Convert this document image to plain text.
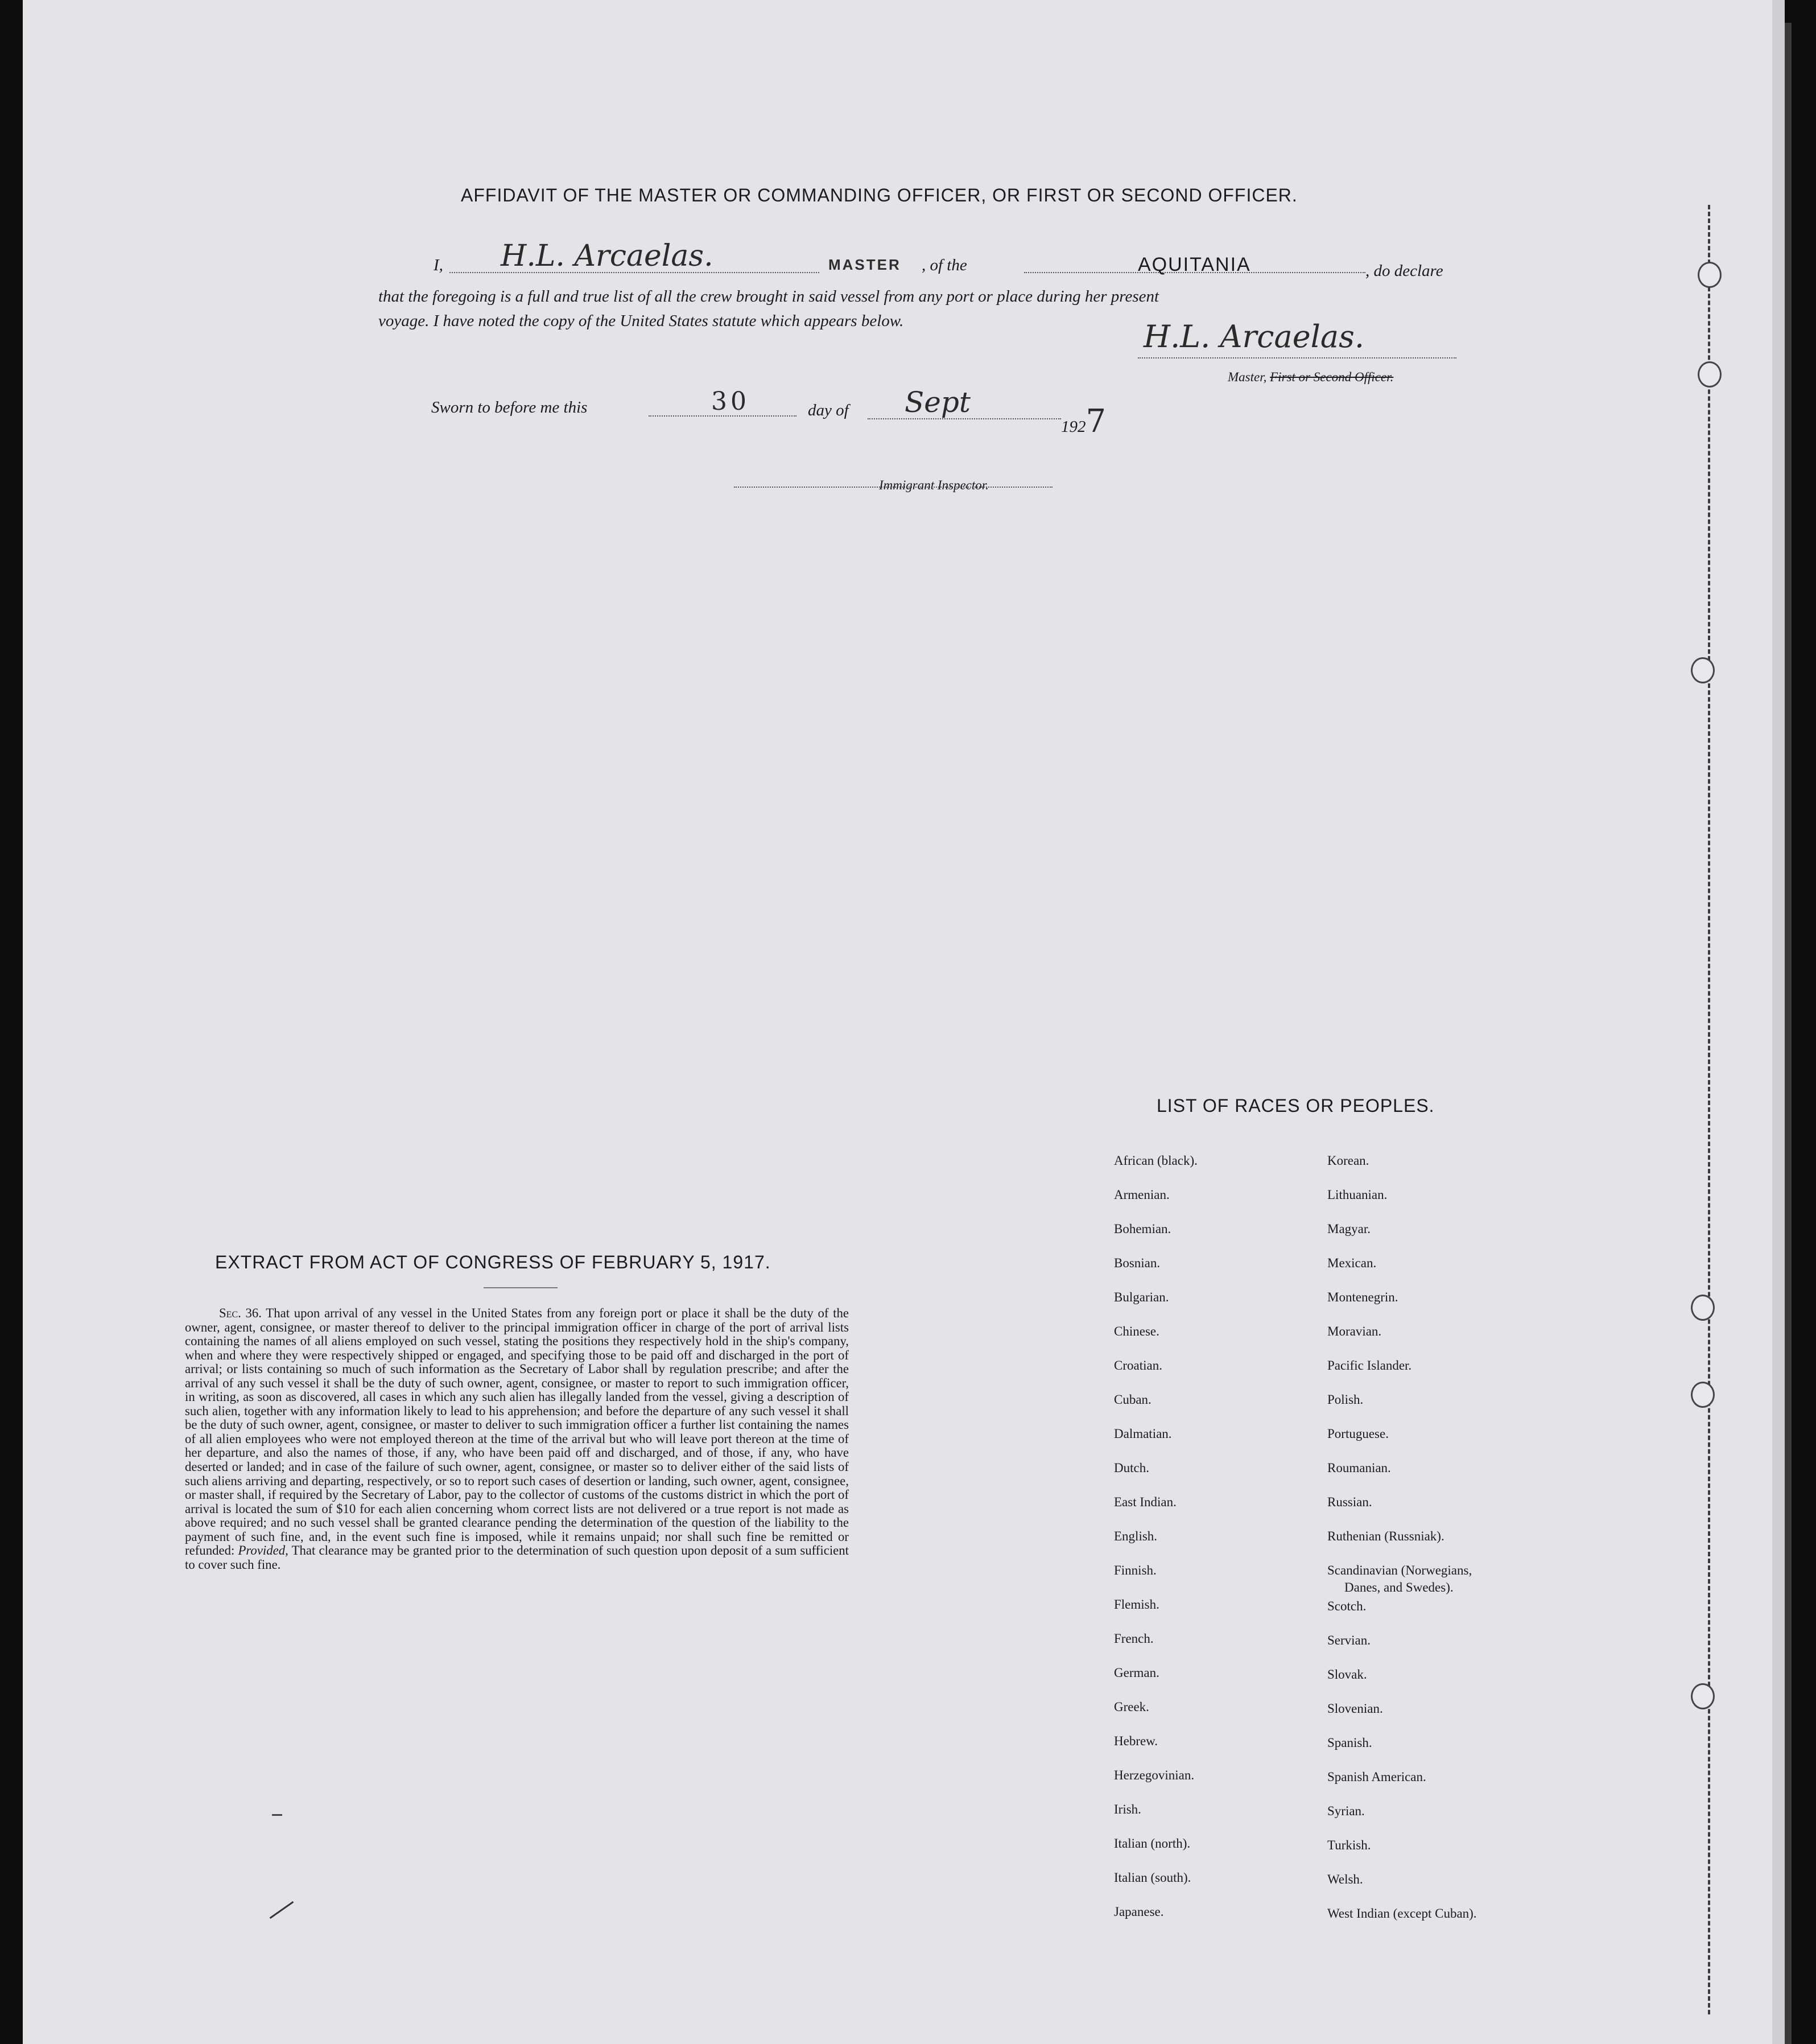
AFFIDAVIT OF THE MASTER OR COMMANDING OFFICER, OR FIRST OR SECOND OFFICER.
I, H.L. Arcaelas.	MASTER , of the	AQUITANIA	, do declare
that the foregoing is a full and true list of all the crew brought in said vessel from any port or place during her present
voyage. I have noted the copy of the United States statute which appears below.	H.L. Arcaelas.
Master, First or Second Officer.
Sworn to before me this	30	day of Sept
1927
Immigrant Inspector.
EXTRACT FROM ACT OF CONGRESS OF FEBRUARY 5, 1917.

Sec. 36. That upon arrival of any vessel in the United States from any foreign port or place it shall be the duty of the owner, agent, consignee, or master thereof to deliver to the principal immigration officer in charge of the port of arrival lists containing the names of all aliens employed on such vessel, stating the positions they respectively hold in the ship's company, when and where they were respectively shipped or engaged, and specifying those to be paid off and discharged in the port of arrival; or lists containing so much of such information as the Secretary of Labor shall by regulation prescribe; and after the arrival of any such vessel it shall be the duty of such owner, agent, consignee, or master to report to such immigration officer, in writing, as soon as discovered, all cases in which any such alien has illegally landed from the vessel, giving a description of such alien, together with any information likely to lead to his apprehension; and before the departure of any such vessel it shall be the duty of such owner, agent, consignee, or master to deliver to such immigration officer a further list containing the names of all alien employees who were not employed thereon at the time of the arrival but who will leave port thereon at the time of her departure, and also the names of those, if any, who have been paid off and discharged, and of those, if any, who have deserted or landed; and in case of the failure of such owner, agent, consignee, or master so to deliver either of the said lists of such aliens arriving and departing, respectively, or so to report such cases of desertion or landing, such owner, agent, consignee, or master shall, if required by the Secretary of Labor, pay to the collector of customs of the customs district in which the port of arrival is located the sum of $10 for each alien concerning whom correct lists are not delivered or a true report is not made as above required; and no such vessel shall be granted clearance pending the determination of the question of the liability to the payment of such fine, and, in the event such fine is imposed, while it remains unpaid; nor shall such fine be remitted or refunded: Provided, That clearance may be granted prior to the determination of such question upon deposit of a sum sufficient to cover such fine.

LIST OF RACES OR PEOPLES.
African (black).
Armenian.
Bohemian.
Bosnian.
Bulgarian.
Chinese.
Croatian.
Cuban.
Dalmatian.
Dutch.
East Indian.
English.
Finnish.
Flemish.
French.
German.
Greek.
Hebrew.
Herzegovinian.
Irish.
Italian (north).
Italian (south).
Japanese.
Korean.
Lithuanian.
Magyar.
Mexican.
Montenegrin.
Moravian.
Pacific Islander.
Polish.
Portuguese.
Roumanian.
Russian.
Ruthenian (Russniak).
Scandinavian (Norwegians,
Danes, and Swedes).
Scotch.
Servian.
Slovak.
Slovenian.
Spanish.
Spanish American.
Syrian.
Turkish.
Welsh.
West Indian (except Cuban).
